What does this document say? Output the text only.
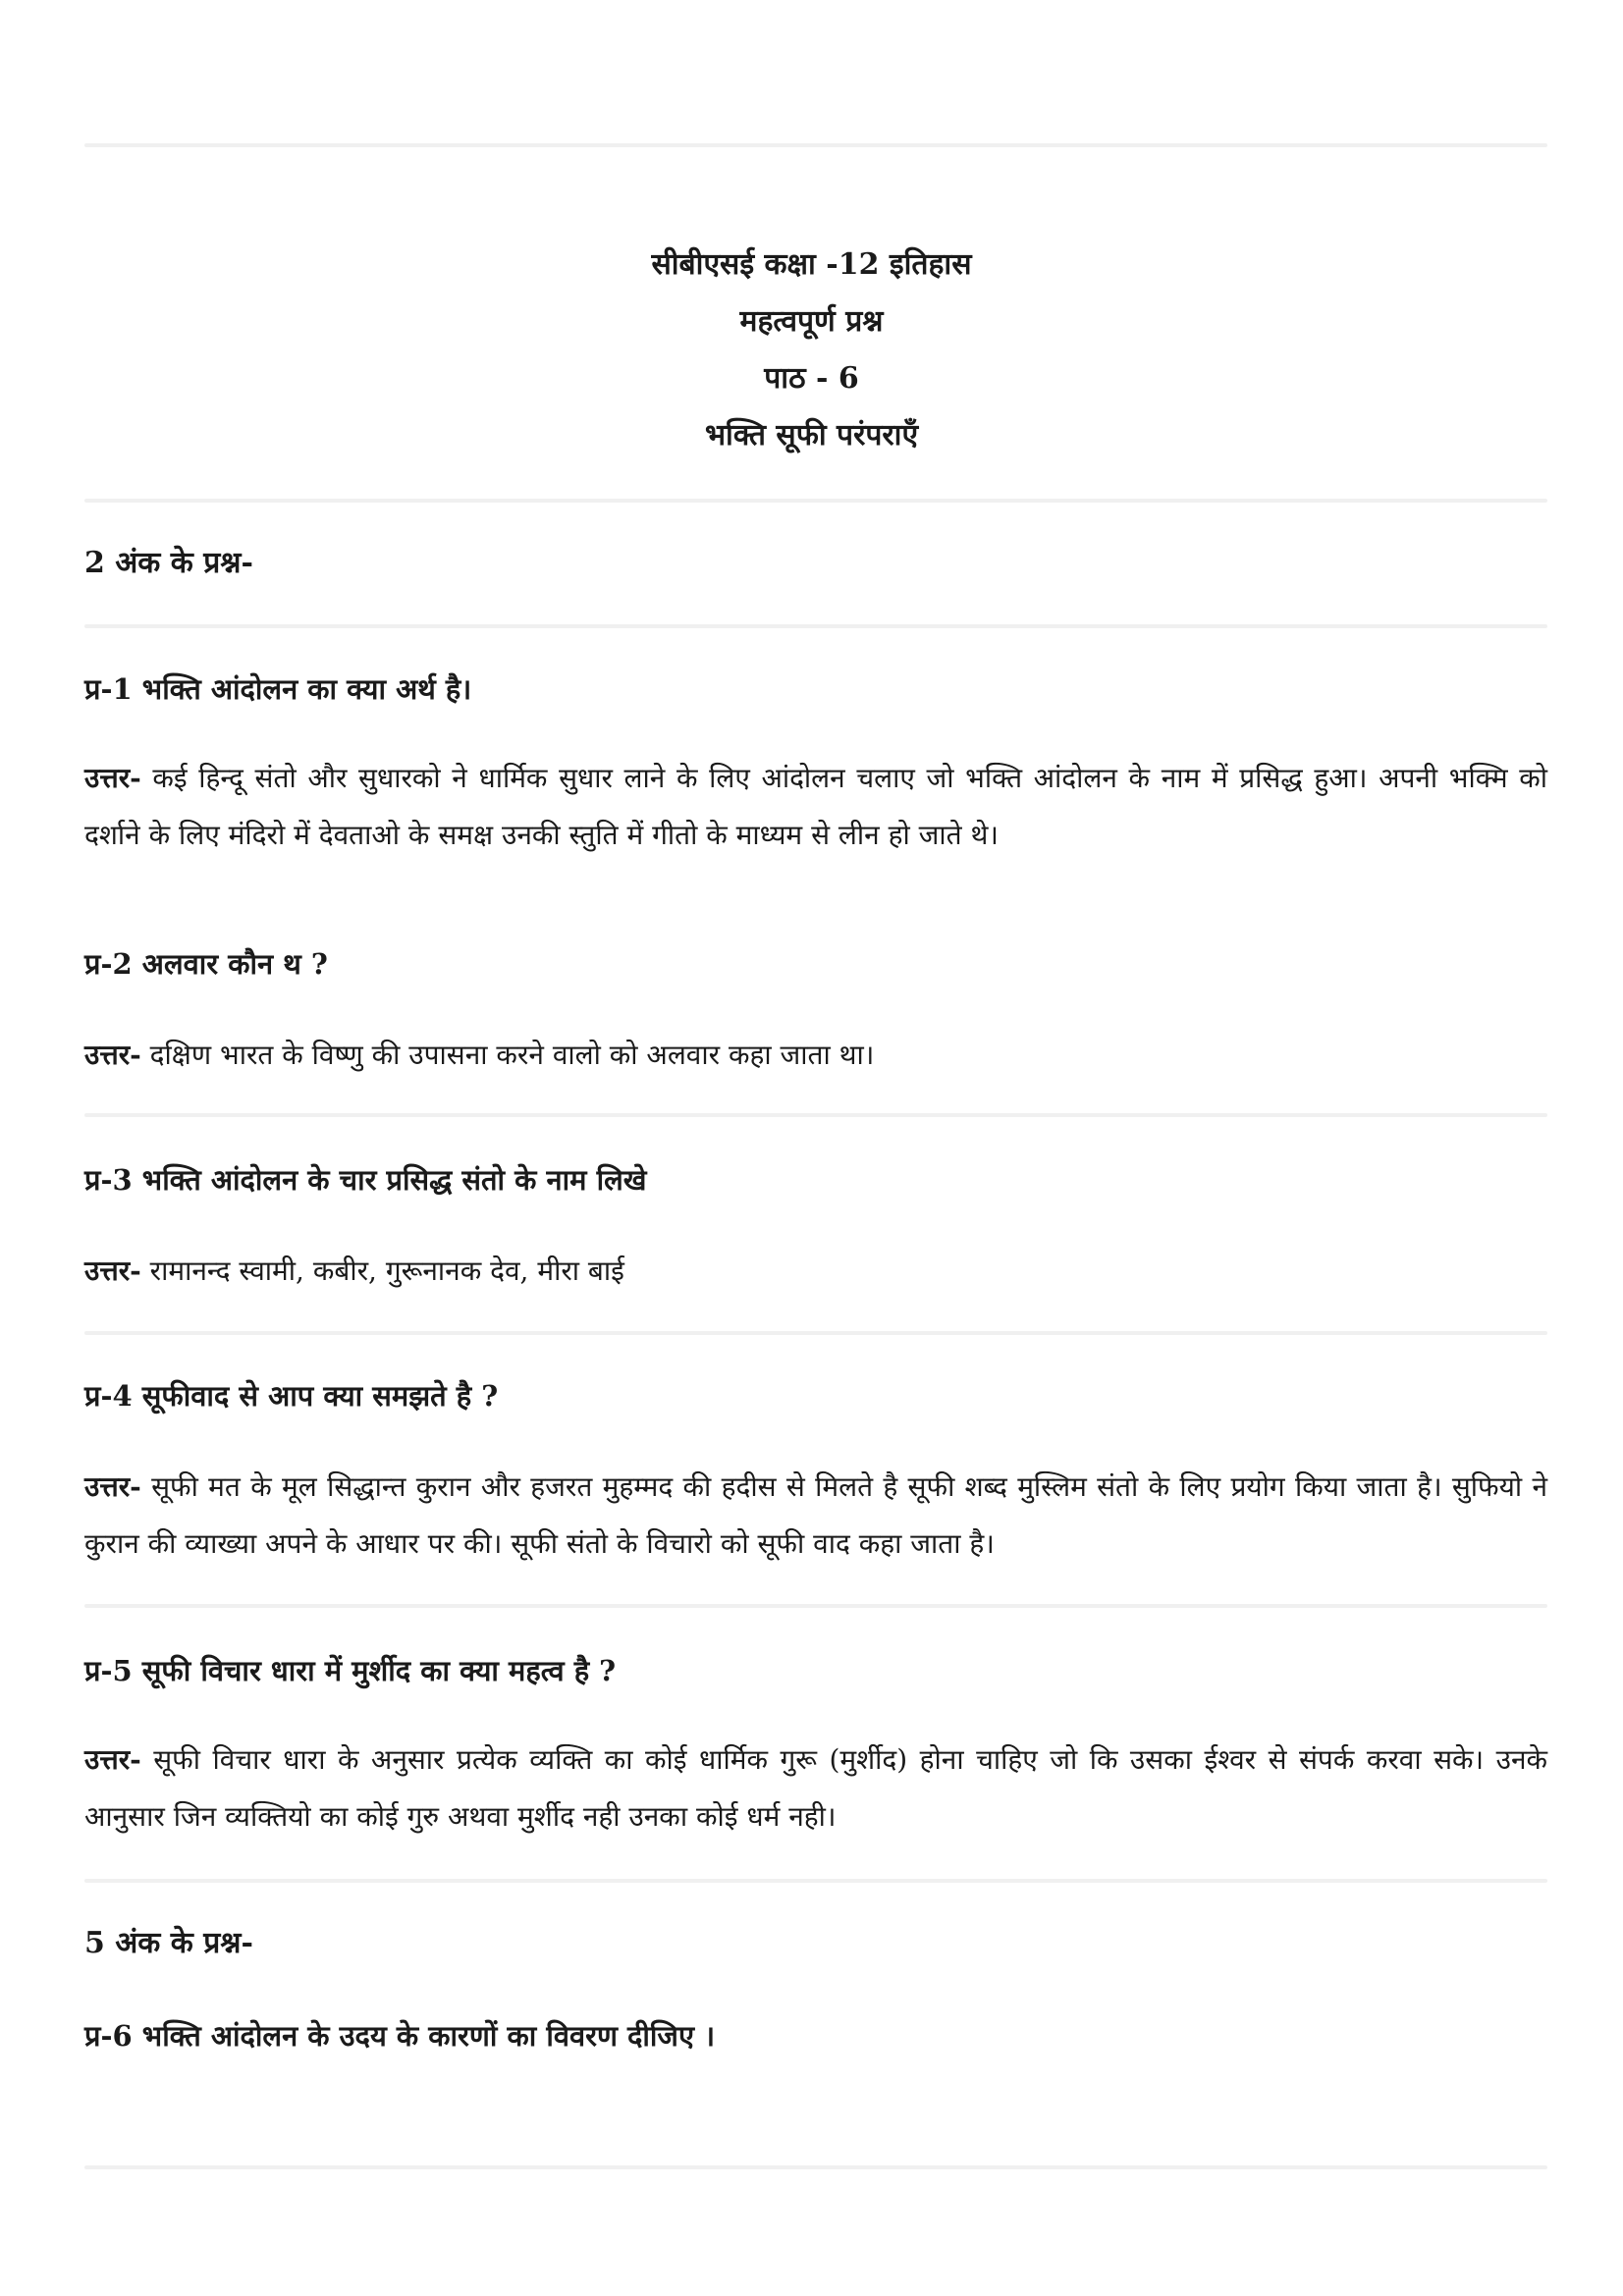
सीबीएसई कक्षा -12 इतिहास
महत्वपूर्ण प्रश्न
पाठ - 6
भक्ति सूफी परंपराएँ
2 अंक के प्रश्न-
प्र-1 भक्ति आंदोलन का क्या अर्थ है।
उत्तर- कई हिन्दू संतो और सुधारको ने धार्मिक सुधार लाने के लिए आंदोलन चलाए जो भक्ति आंदोलन के नाम में प्रसिद्ध हुआ। अपनी भक्मि को दर्शाने के लिए मंदिरो में देवताओ के समक्ष उनकी स्तुति में गीतो के माध्यम से लीन हो जाते थे।
प्र-2 अलवार कौन थ ?
उत्तर- दक्षिण भारत के विष्णु की उपासना करने वालो को अलवार कहा जाता था।
प्र-3 भक्ति आंदोलन के चार प्रसिद्ध संतो के नाम लिखे
उत्तर- रामानन्द स्वामी, कबीर, गुरूनानक देव, मीरा बाई
प्र-4 सूफीवाद से आप क्या समझते है ?
उत्तर- सूफी मत के मूल सिद्धान्त कुरान और हजरत मुहम्मद की हदीस से मिलते है सूफी शब्द मुस्लिम संतो के लिए प्रयोग किया जाता है। सुफियो ने कुरान की व्याख्या अपने के आधार पर की। सूफी संतो के विचारो को सूफी वाद कहा जाता है।
प्र-5 सूफी विचार धारा में मुर्शीद का क्या महत्व है ?
उत्तर- सूफी विचार धारा के अनुसार प्रत्येक व्यक्ति का कोई धार्मिक गुरू (मुर्शीद) होना चाहिए जो कि उसका ईश्वर से संपर्क करवा सके। उनके आनुसार जिन व्यक्तियो का कोई गुरु अथवा मुर्शीद नही उनका कोई धर्म नही।
5 अंक के प्रश्न-
प्र-6 भक्ति आंदोलन के उदय के कारणों का विवरण दीजिए ।
